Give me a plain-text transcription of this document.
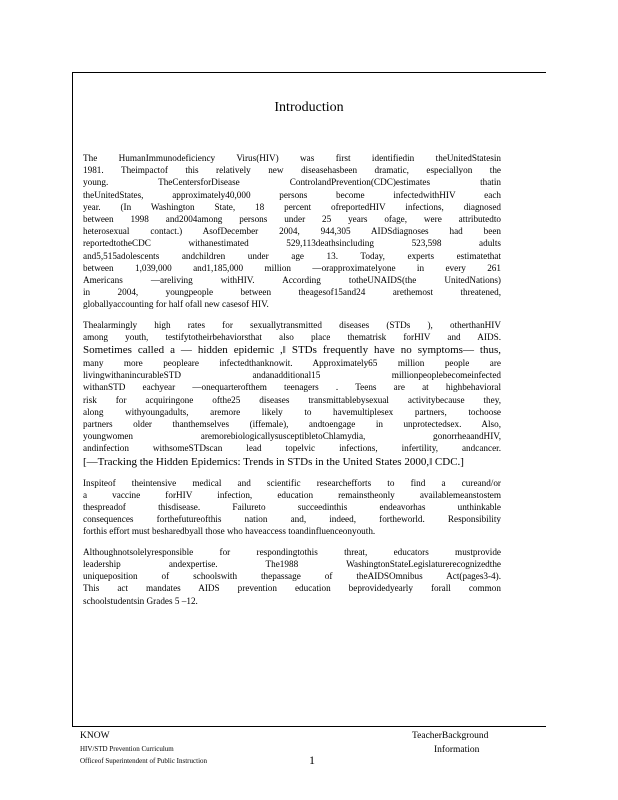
Introduction

The HumanImmunodeficiency Virus(HIV) was first identifiedin theUnitedStatesin
1981. Theimpactof this relatively new diseasehasbeen dramatic, especiallyon the
young. TheCentersforDisease ControlandPrevention(CDC)estimates thatin
theUnitedStates, approximately40,000 persons become infectedwithHIV each
year. (In Washington State, 18 percent ofreportedHIV infections, diagnosed
between 1998 and2004among persons under 25 years ofage, were attributedto
heterosexual contact.) AsofDecember 2004, 944,305 AIDSdiagnoses had been
reportedtotheCDC withanestimated 529,113deathsincluding 523,598 adults
and5,515adolescents andchildren under age 13. Today, experts estimatethat
between 1,039,000 and1,185,000 million —orapproximatelyone in every 261
Americans —areliving withHIV. According totheUNAIDS(the UnitedNations)
in 2004, youngpeople between theagesof15and24 arethemost threatened,
globallyaccounting for half ofall new casesof HIV.

Thealarmingly high rates for sexuallytransmitted diseases (STDs ), otherthanHIV
among youth, testifytotheirbehaviorsthat also place thematrisk forHIV and AIDS.
Sometimes called a — hidden epidemic ,‖ STDs frequently have no symptoms— thus,
many more peopleare infectedthanknowit. Approximately65 million people are
livingwithanincurableSTD andanadditional15 millionpeoplebecomeinfected
withanSTD eachyear —onequarterofthem teenagers . Teens are at highbehavioral
risk for acquiringone ofthe25 diseases transmittablebysexual activitybecause they,
along withyoungadults, aremore likely to havemultiplesex partners, tochoose
partners older thanthemselves (iffemale), andtoengage in unprotectedsex. Also,
youngwomen aremorebiologicallysusceptibletoChlamydia, gonorrheaandHIV,
andinfection withsomeSTDscan lead topelvic infections, infertility, andcancer.
[—Tracking the Hidden Epidemics: Trends in STDs in the United States 2000,‖ CDC.]

Inspiteof theintensive medical and scientific researchefforts to find a cureand/or
a vaccine forHIV infection, education remainstheonly availablemeanstostem
thespreadof thisdisease. Failureto succeedinthis endeavorhas unthinkable
consequences forthefutureofthis nation and, indeed, fortheworld. Responsibility
forthis effort must besharedbyall those who haveaccess toandinfluenceonyouth.

Althoughnotsolelyresponsible for respondingtothis threat, educators mustprovide
leadership andexpertise. The1988 WashingtonStateLegislaturerecognizedthe
uniqueposition of schoolswith thepassage of theAIDSOmnibus Act(pages3-4).
This act mandates AIDS prevention education beprovidedyearly forall common
schoolstudentsin Grades 5 –12.

KNOW
HIV/STD Prevention Curriculum
Officeof Superintendent of Public Instruction	1
TeacherBackground
Information
